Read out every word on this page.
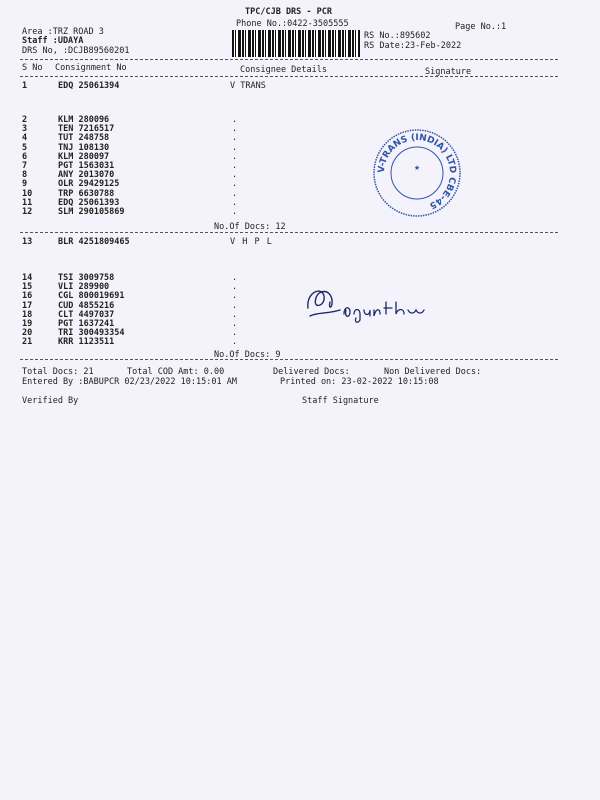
TPC/CJB DRS - PCR
Phone No.:0422-3505555	Page No.:1
Area :TRZ ROAD 3
Staff :UDAYA
DRS No, :DCJB89560201
RS No.:895602
RS Date:23-Feb-2022
S No Consignment No	Consignee Details	Signature
1	EDQ 25061394	V TRANS
2	KLM 280096	.
3	TEN 7216517	.
4	TUT 248758	.
5	TNJ 108130	.
6	KLM 280097	.
7	PGT 1563031	.
8	ANY 2013070	.
9	OLR 29429125	.
10	TRP 6630788	.
11	EDQ 25061393	.
12	SLM 290105869	.
No.Of Docs: 12
13	BLR 4251809465	V H P L
14	TSI 3009758	.
15	VLI 289900	.
16	CGL 800019691	.
17	CUD 4855216	.
18	CLT 4497037	.
19	PGT 1637241	.
20	TRI 300493354	.
21	KRR 1123511	.
No.Of Docs: 9
Total Docs: 21	Total COD Amt: 0.00	Delivered Docs:	Non Delivered Docs:
Entered By :BABUPCR 02/23/2022 10:15:01 AM	Printed on: 23-02-2022 10:15:08
Verified By	Staff Signature
V-TRANS (INDIA) LTD CBE-45
★
